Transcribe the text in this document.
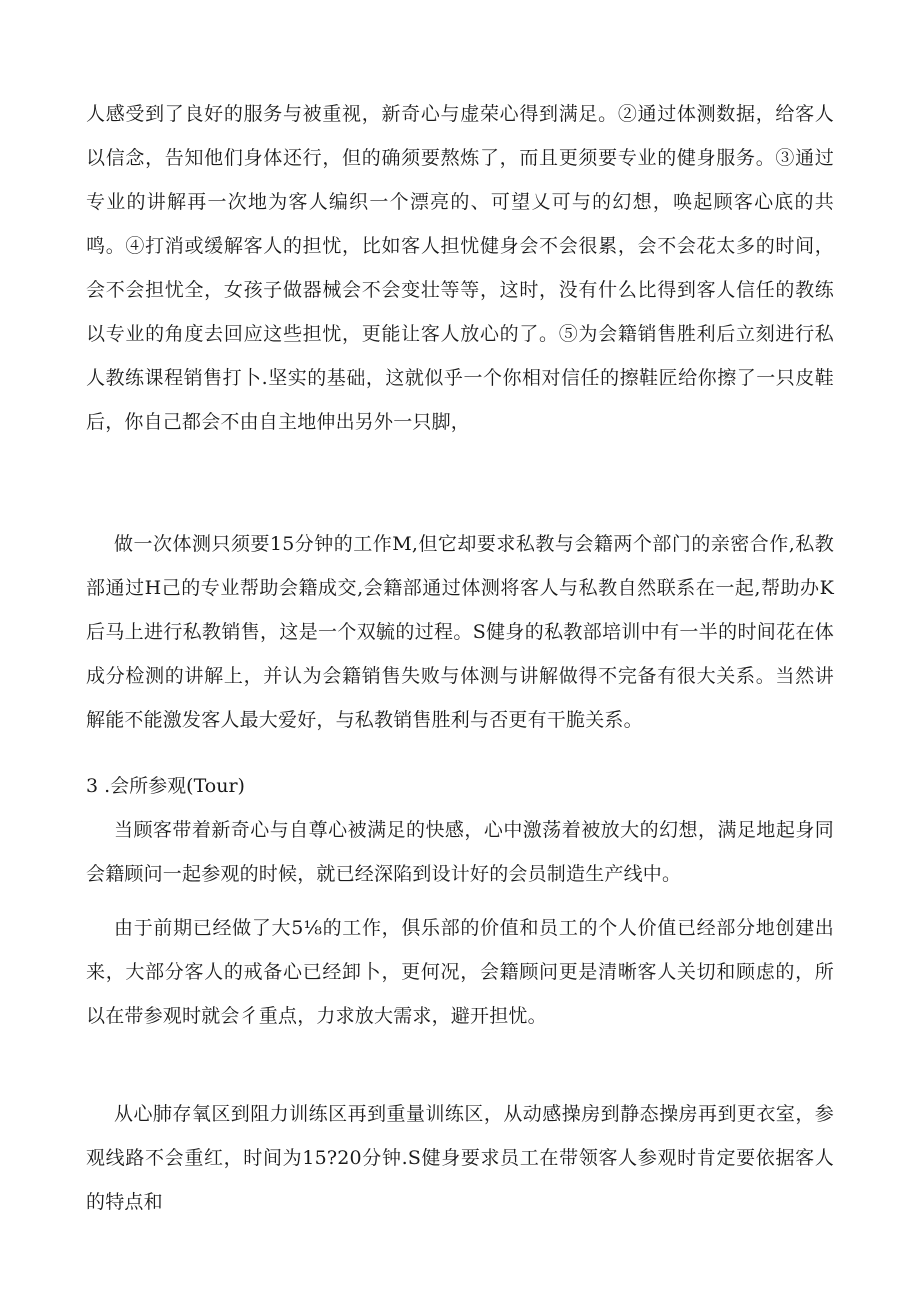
人感受到了良好的服务与被重视，新奇心与虚荣心得到满足。②通过体测数据，给客人以信念，告知他们身体还行，但的确须要熬炼了，而且更须要专业的健身服务。③通过专业的讲解再一次地为客人编织一个漂亮的、可望乂可与的幻想，唤起顾客心底的共鸣。④打消或缓解客人的担忧，比如客人担忧健身会不会很累，会不会花太多的时间，会不会担忧全，女孩子做器械会不会变壮等等，这时，没有什么比得到客人信任的教练以专业的角度去回应这些担忧，更能让客人放心的了。⑤为会籍销售胜利后立刻进行私人教练课程销售打卜.坚实的基础，这就似乎一个你相对信任的擦鞋匠给你擦了一只皮鞋后，你自己都会不由自主地伸出另外一只脚，

做一次体测只须要15分钟的工作M,但它却要求私教与会籍两个部门的亲密合作,私教部通过H己的专业帮助会籍成交,会籍部通过体测将客人与私教自然联系在一起,帮助办K后马上进行私教销售，这是一个双毓的过程。S健身的私教部培训中有一半的时间花在体成分检测的讲解上，并认为会籍销售失败与体测与讲解做得不完备有很大关系。当然讲解能不能激发客人最大爱好，与私教销售胜利与否更有干脆关系。

3 .会所参观(Tour)

当顾客带着新奇心与自尊心被满足的快感，心中激荡着被放大的幻想，满足地起身同会籍顾问一起参观的时候，就已经深陷到设计好的会员制造生产线中。

由于前期已经做了大5⅛的工作，俱乐部的价值和员工的个人价值已经部分地创建出来，大部分客人的戒备心已经卸卜，更何况，会籍顾问更是清晰客人关切和顾虑的，所以在带参观时就会彳重点，力求放大需求，避开担忧。

从心肺存氧区到阻力训练区再到重量训练区，从动感操房到静态操房再到更衣室，参观线路不会重红，时间为15?20分钟.S健身要求员工在带领客人参观时肯定要依据客人的特点和
